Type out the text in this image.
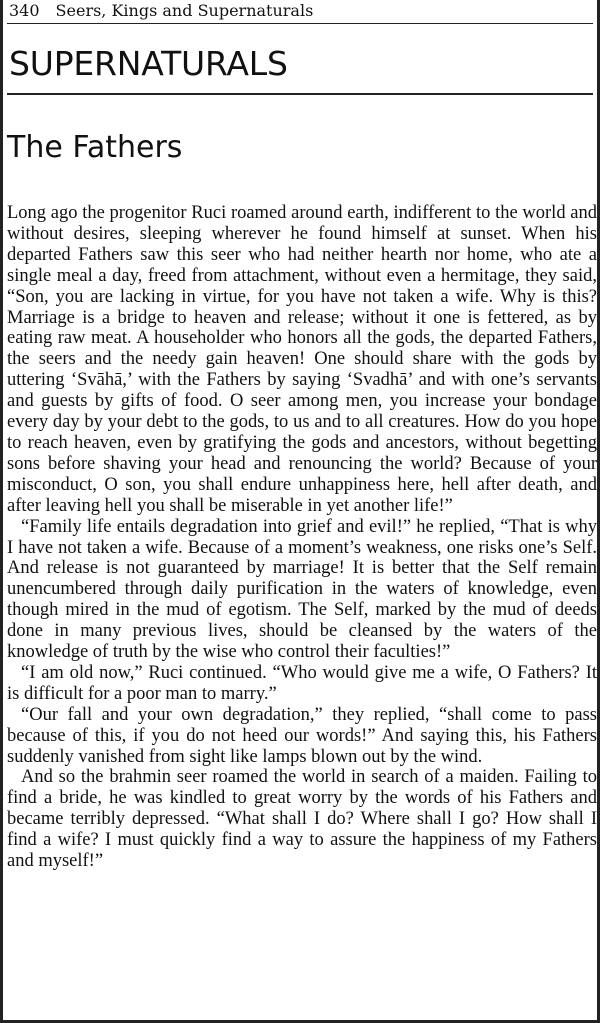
340 Seers, Kings and Supernaturals
SUPERNATURALS
The Fathers

Long ago the progenitor Ruci roamed around earth, indifferent to the world and without desires, sleeping wherever he found himself at sunset. When his departed Fathers saw this seer who had neither hearth nor home, who ate a single meal a day, freed from attachment, without even a hermitage, they said, “Son, you are lacking in virtue, for you have not taken a wife. Why is this? Marriage is a bridge to heaven and release; without it one is fettered, as by eating raw meat. A householder who honors all the gods, the departed Fathers, the seers and the needy gain heaven! One should share with the gods by uttering ‘Svāhā,’ with the Fathers by saying ‘Svadhā’ and with one’s servants and guests by gifts of food. O seer among men, you increase your bondage every day by your debt to the gods, to us and to all creatures. How do you hope to reach heaven, even by gratifying the gods and ancestors, without begetting sons before shaving your head and renouncing the world? Because of your misconduct, O son, you shall endure unhappiness here, hell after death, and after leaving hell you shall be miserable in yet another life!”

“Family life entails degradation into grief and evil!” he replied, “That is why I have not taken a wife. Because of a moment’s weakness, one risks one’s Self. And release is not guaranteed by marriage! It is better that the Self remain unencumbered through daily purification in the waters of knowledge, even though mired in the mud of egotism. The Self, marked by the mud of deeds done in many previous lives, should be cleansed by the waters of the knowledge of truth by the wise who control their faculties!”

“I am old now,” Ruci continued. “Who would give me a wife, O Fathers? It is difficult for a poor man to marry.”

“Our fall and your own degradation,” they replied, “shall come to pass because of this, if you do not heed our words!” And saying this, his Fathers suddenly vanished from sight like lamps blown out by the wind.

And so the brahmin seer roamed the world in search of a maiden. Failing to find a bride, he was kindled to great worry by the words of his Fathers and became terribly depressed. “What shall I do? Where shall I go? How shall I find a wife? I must quickly find a way to assure the happiness of my Fathers and myself!”
